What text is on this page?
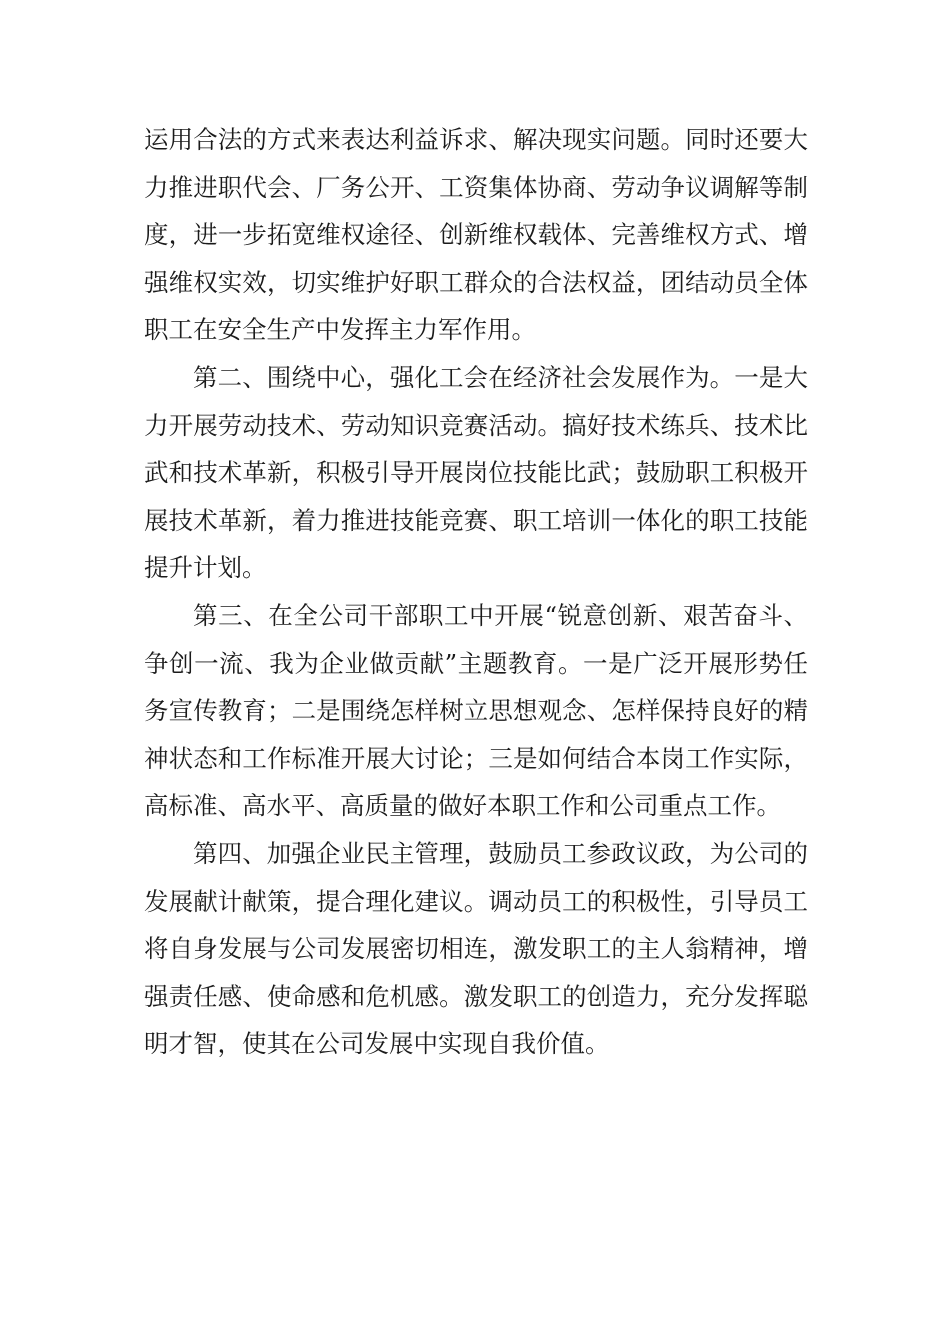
运用合法的方式来表达利益诉求、解决现实问题。同时还要大力推进职代会、厂务公开、工资集体协商、劳动争议调解等制度，进一步拓宽维权途径、创新维权载体、完善维权方式、增强维权实效，切实维护好职工群众的合法权益，团结动员全体职工在安全生产中发挥主力军作用。

第二、围绕中心，强化工会在经济社会发展作为。一是大力开展劳动技术、劳动知识竞赛活动。搞好技术练兵、技术比武和技术革新，积极引导开展岗位技能比武；鼓励职工积极开展技术革新，着力推进技能竞赛、职工培训一体化的职工技能提升计划。

第三、在全公司干部职工中开展“锐意创新、艰苦奋斗、争创一流、我为企业做贡献”主题教育。一是广泛开展形势任务宣传教育；二是围绕怎样树立思想观念、怎样保持良好的精神状态和工作标准开展大讨论；三是如何结合本岗工作实际，高标准、高水平、高质量的做好本职工作和公司重点工作。

第四、加强企业民主管理，鼓励员工参政议政，为公司的发展献计献策，提合理化建议。调动员工的积极性，引导员工将自身发展与公司发展密切相连，激发职工的主人翁精神，增强责任感、使命感和危机感。激发职工的创造力，充分发挥聪明才智，使其在公司发展中实现自我价值。
